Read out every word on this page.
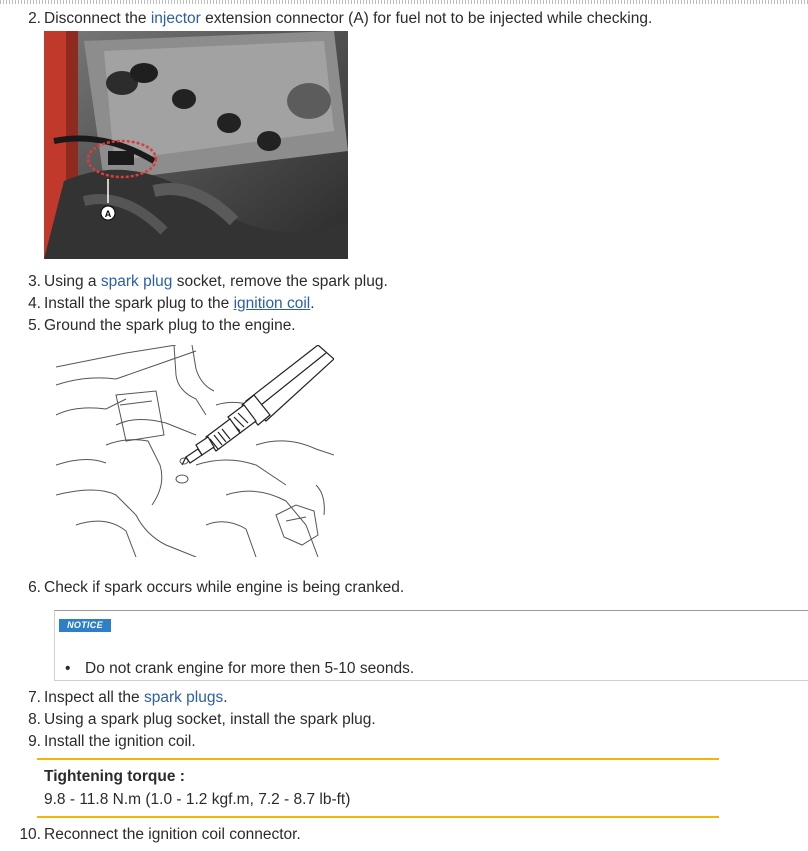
2. Disconnect the injector extension connector (A) for fuel not to be injected while checking.
A
3. Using a spark plug socket, remove the spark plug.
4. Install the spark plug to the ignition coil.
5. Ground the spark plug to the engine.
6. Check if spark occurs while engine is being cranked.
NOTICE
• Do not crank engine for more then 5-10 seonds.
7. Inspect all the spark plugs.
8. Using a spark plug socket, install the spark plug.
9. Install the ignition coil.
Tightening torque :
9.8 - 11.8 N.m (1.0 - 1.2 kgf.m, 7.2 - 8.7 lb-ft)
10. Reconnect the ignition coil connector.
